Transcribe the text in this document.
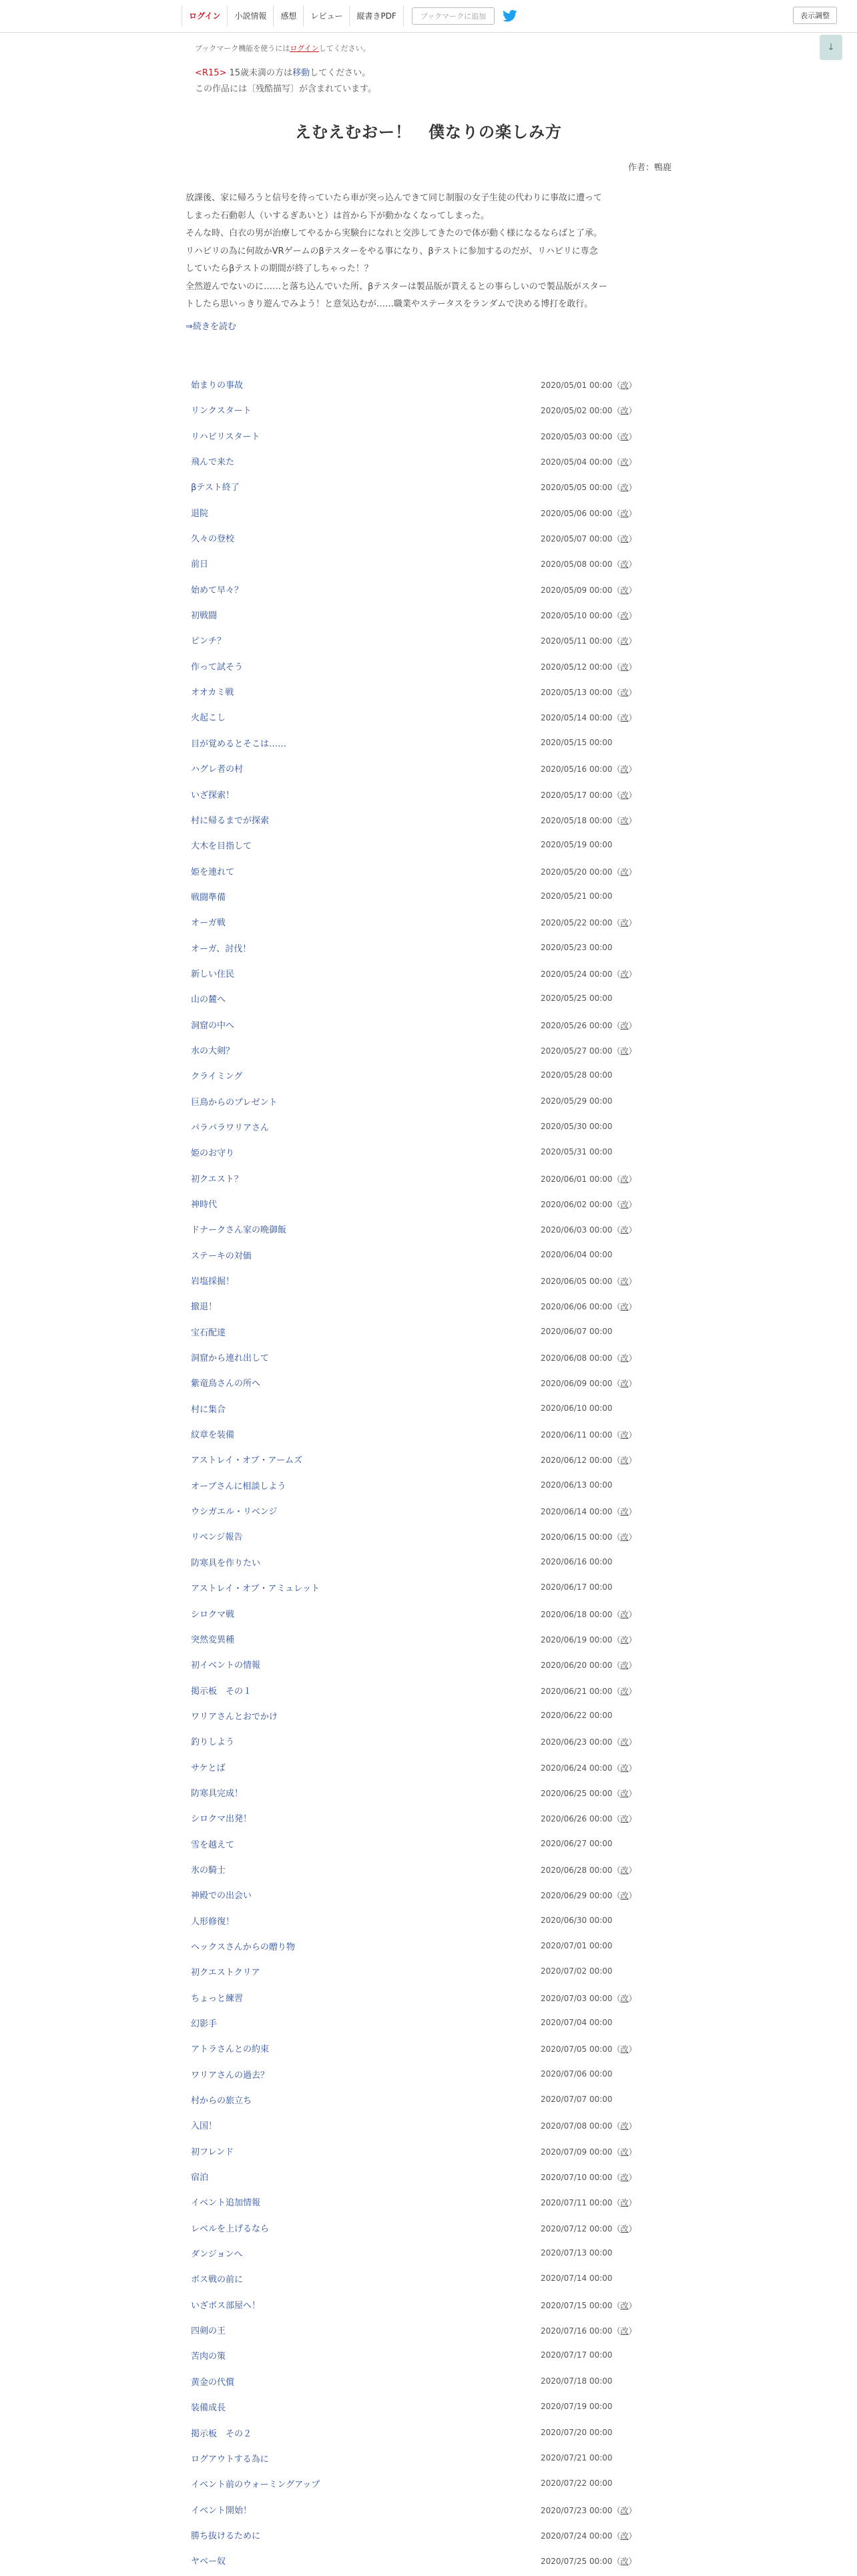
ログイン	小説情報	感想	レビュー	縦書きPDF	ブックマークに追加	表示調整
↓
ブックマーク機能を使うにはログインしてください。
<R15> 15歳未満の方は移動してください。
この作品には〔残酷描写〕が含まれています。
えむえむおー！　僕なりの楽しみ方
作者：鴨鹿

放課後、家に帰ろうと信号を待っていたら車が突っ込んできて同じ制服の女子生徒の代わりに事故に遭って

しまった石動彰人（いするぎあいと）は首から下が動かなくなってしまった。

そんな時、白衣の男が治療してやるから実験台になれと交渉してきたので体が動く様になるならばと了承。

リハビリの為に何故かVRゲームのβテスターをやる事になり、βテストに参加するのだが、リハビリに専念

していたらβテストの期間が終了しちゃった！？

全然遊んでないのに……と落ち込んでいた所、βテスターは製品版が貰えるとの事らしいので製品版がスター

トしたら思いっきり遊んでみよう！と意気込むが……職業やステータスをランダムで決める博打を敢行。

⇒続きを読む
始まりの事故	2020/05/01 00:00（改）
リンクスタート	2020/05/02 00:00（改）
リハビリスタート	2020/05/03 00:00（改）
飛んで来た	2020/05/04 00:00（改）
βテスト終了	2020/05/05 00:00（改）
退院	2020/05/06 00:00（改）
久々の登校	2020/05/07 00:00（改）
前日	2020/05/08 00:00（改）
始めて早々？	2020/05/09 00:00（改）
初戦闘	2020/05/10 00:00（改）
ピンチ？	2020/05/11 00:00（改）
作って試そう	2020/05/12 00:00（改）
オオカミ戦	2020/05/13 00:00（改）
火起こし	2020/05/14 00:00（改）
目が覚めるとそこは……	2020/05/15 00:00
ハグレ者の村	2020/05/16 00:00（改）
いざ探索！	2020/05/17 00:00（改）
村に帰るまでが探索	2020/05/18 00:00（改）
大木を目指して	2020/05/19 00:00
姫を連れて	2020/05/20 00:00（改）
戦闘準備	2020/05/21 00:00
オーガ戦	2020/05/22 00:00（改）
オーガ、討伐！	2020/05/23 00:00
新しい住民	2020/05/24 00:00（改）
山の麓へ	2020/05/25 00:00
洞窟の中へ	2020/05/26 00:00（改）
水の大剣？	2020/05/27 00:00（改）
クライミング	2020/05/28 00:00
巨鳥からのプレゼント	2020/05/29 00:00
パラパラワリアさん	2020/05/30 00:00
姫のお守り	2020/05/31 00:00
初クエスト？	2020/06/01 00:00（改）
神時代	2020/06/02 00:00（改）
ドナークさん家の晩御飯	2020/06/03 00:00（改）
ステーキの対価	2020/06/04 00:00
岩塩採掘！	2020/06/05 00:00（改）
撤退！	2020/06/06 00:00（改）
宝石配達	2020/06/07 00:00
洞窟から連れ出して	2020/06/08 00:00（改）
紫竜鳥さんの所へ	2020/06/09 00:00（改）
村に集合	2020/06/10 00:00
紋章を装備	2020/06/11 00:00（改）
アストレイ・オブ・アームズ	2020/06/12 00:00（改）
オーブさんに相談しよう	2020/06/13 00:00
ウシガエル・リベンジ	2020/06/14 00:00（改）
リベンジ報告	2020/06/15 00:00（改）
防寒具を作りたい	2020/06/16 00:00
アストレイ・オブ・アミュレット	2020/06/17 00:00
シロクマ戦	2020/06/18 00:00（改）
突然変異種	2020/06/19 00:00（改）
初イベントの情報	2020/06/20 00:00（改）
掲示板　その１	2020/06/21 00:00（改）
ワリアさんとおでかけ	2020/06/22 00:00
釣りしよう	2020/06/23 00:00（改）
サケとば	2020/06/24 00:00（改）
防寒具完成！	2020/06/25 00:00（改）
シロクマ出発！	2020/06/26 00:00（改）
雪を越えて	2020/06/27 00:00
氷の騎士	2020/06/28 00:00（改）
神殿での出会い	2020/06/29 00:00（改）
人形修復！	2020/06/30 00:00
ヘックスさんからの贈り物	2020/07/01 00:00
初クエストクリア	2020/07/02 00:00
ちょっと練習	2020/07/03 00:00（改）
幻影手	2020/07/04 00:00
アトラさんとの約束	2020/07/05 00:00（改）
ワリアさんの過去？	2020/07/06 00:00
村からの旅立ち	2020/07/07 00:00
入国！	2020/07/08 00:00（改）
初フレンド	2020/07/09 00:00（改）
宿泊	2020/07/10 00:00（改）
イベント追加情報	2020/07/11 00:00（改）
レベルを上げるなら	2020/07/12 00:00（改）
ダンジョンへ	2020/07/13 00:00
ボス戦の前に	2020/07/14 00:00
いざボス部屋へ！	2020/07/15 00:00（改）
四剣の王	2020/07/16 00:00（改）
苦肉の策	2020/07/17 00:00
黄金の代償	2020/07/18 00:00
装備成長	2020/07/19 00:00
掲示板　その２	2020/07/20 00:00
ログアウトする為に	2020/07/21 00:00
イベント前のウォーミングアップ	2020/07/22 00:00
イベント開始！	2020/07/23 00:00（改）
勝ち抜けるために	2020/07/24 00:00（改）
ヤベー奴	2020/07/25 00:00（改）
